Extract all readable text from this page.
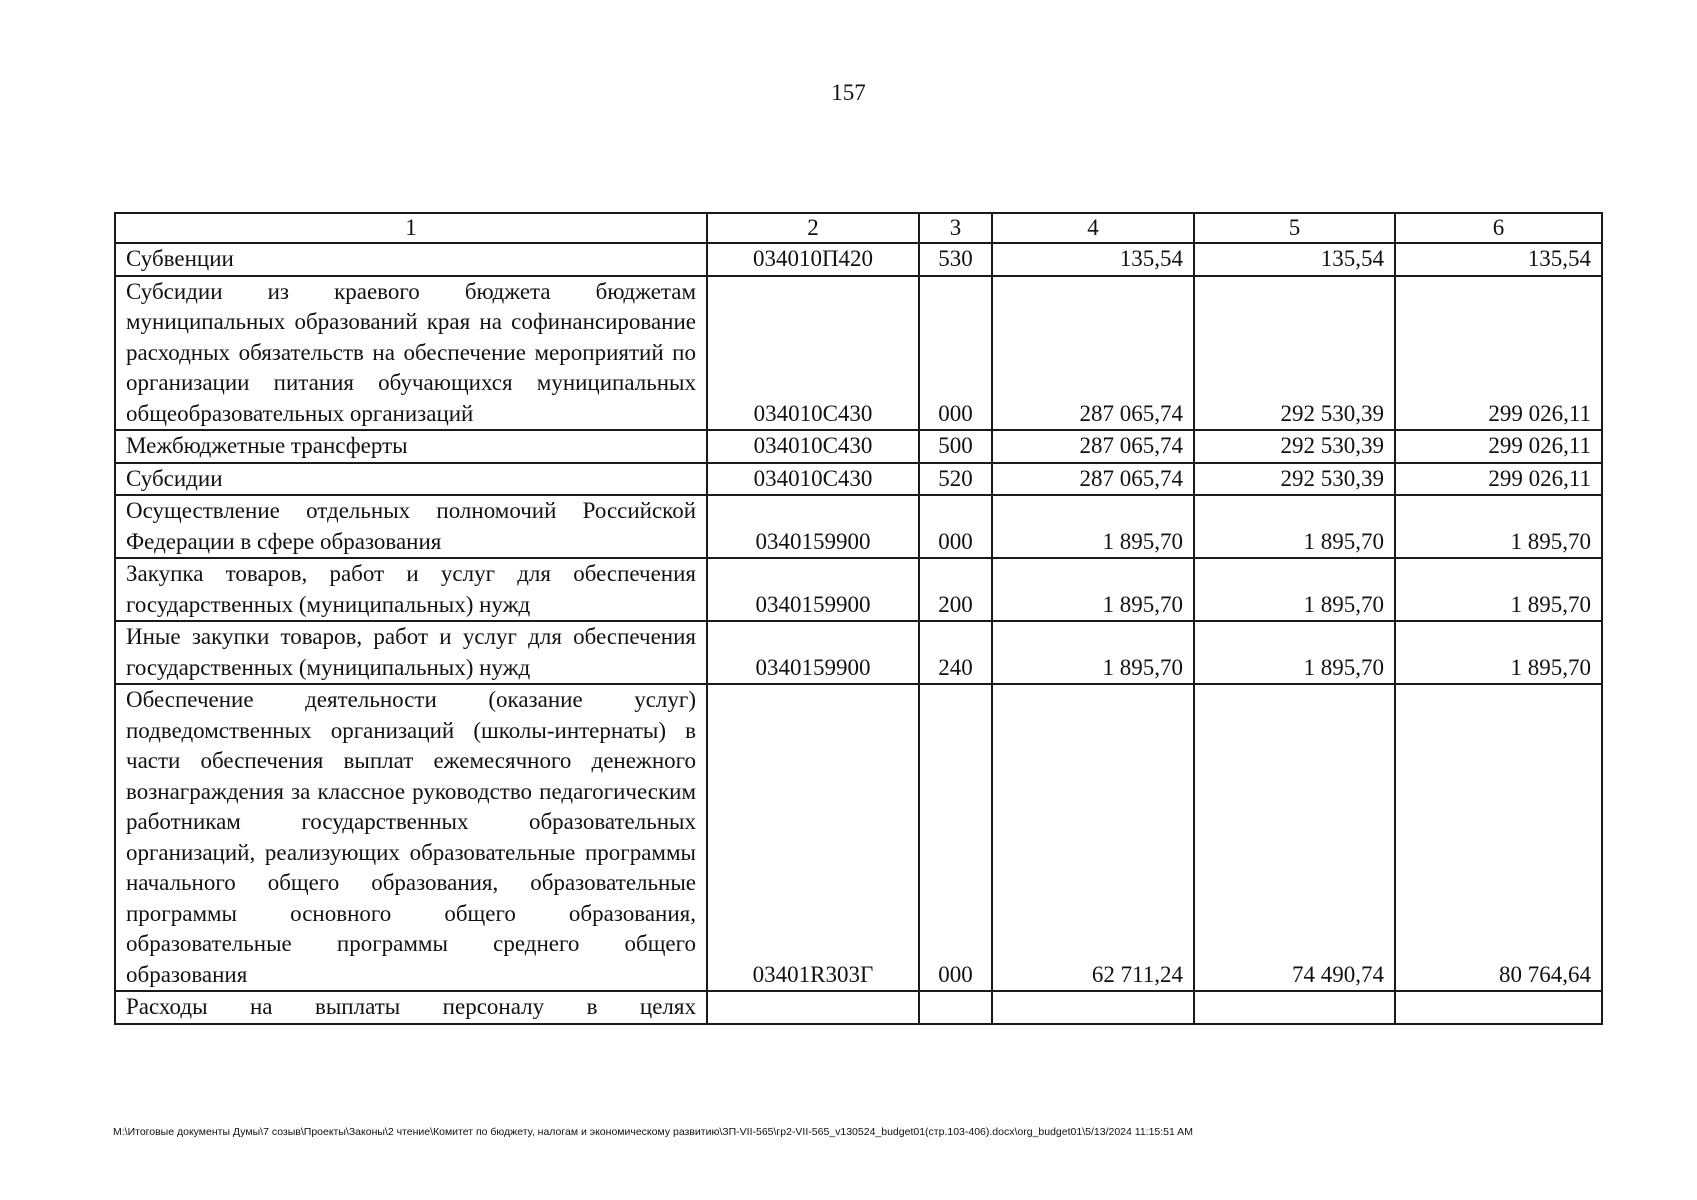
157
1	2	3	4	5	6
Субвенции	034010П420	530	135,54	135,54	135,54
Субсидии из краевого бюджета бюджетам муниципальных образований края на софинансирование расходных обязательств на обеспечение мероприятий по организации питания обучающихся муниципальных общеобразовательных организаций	034010С430	000	287 065,74	292 530,39	299 026,11
Межбюджетные трансферты	034010С430	500	287 065,74	292 530,39	299 026,11
Субсидии	034010С430	520	287 065,74	292 530,39	299 026,11
Осуществление отдельных полномочий Российской Федерации в сфере образования	0340159900	000	1 895,70	1 895,70	1 895,70
Закупка товаров, работ и услуг для обеспечения государственных (муниципальных) нужд	0340159900	200	1 895,70	1 895,70	1 895,70
Иные закупки товаров, работ и услуг для обеспечения государственных (муниципальных) нужд	0340159900	240	1 895,70	1 895,70	1 895,70
Обеспечение деятельности (оказание услуг) подведомственных организаций (школы-интернаты) в части обеспечения выплат ежемесячного денежного вознаграждения за классное руководство педагогическим работникам государственных образовательных организаций, реализующих образовательные программы начального общего образования, образовательные программы основного общего образования, образовательные программы среднего общего образования	03401R303Г	000	62 711,24	74 490,74	80 764,64
Расходы на выплаты персоналу в целях					
M:\Итоговые документы Думы\7 созыв\Проекты\Законы\2 чтение\Комитет по бюджету, налогам и экономическому развитию\ЗП-VII-565\гр2-VII-565_v130524_budget01(стр.103-406).docx\org_budget01\5/13/2024 11:15:51 AM
